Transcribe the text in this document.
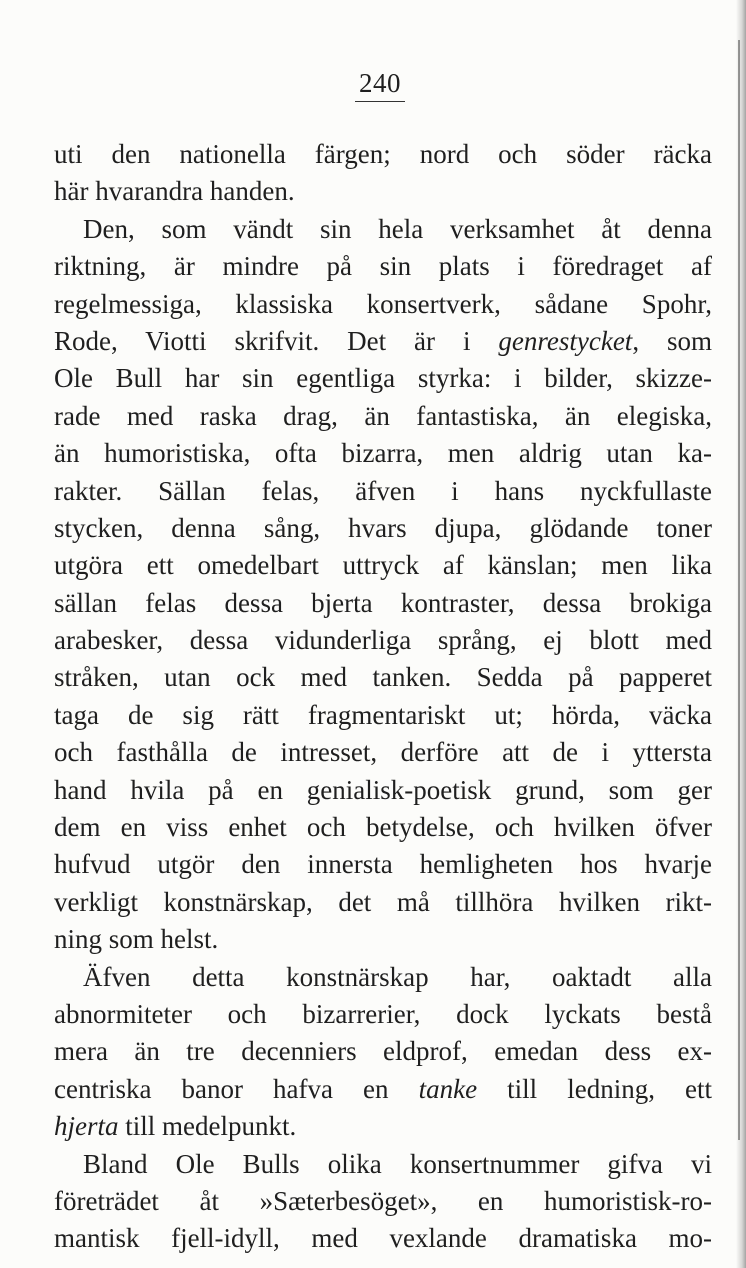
240
uti den nationella färgen; nord och söder räcka
här hvarandra handen.
Den, som vändt sin hela verksamhet åt denna
riktning, är mindre på sin plats i föredraget af
regelmessiga, klassiska konsertverk, sådane Spohr,
Rode, Viotti skrifvit. Det är i genrestycket, som
Ole Bull har sin egentliga styrka: i bilder, skizze-
rade med raska drag, än fantastiska, än elegiska,
än humoristiska, ofta bizarra, men aldrig utan ka-
rakter. Sällan felas, äfven i hans nyckfullaste
stycken, denna sång, hvars djupa, glödande toner
utgöra ett omedelbart uttryck af känslan; men lika
sällan felas dessa bjerta kontraster, dessa brokiga
arabesker, dessa vidunderliga språng, ej blott med
stråken, utan ock med tanken. Sedda på papperet
taga de sig rätt fragmentariskt ut; hörda, väcka
och fasthålla de intresset, derföre att de i yttersta
hand hvila på en genialisk-poetisk grund, som ger
dem en viss enhet och betydelse, och hvilken öfver
hufvud utgör den innersta hemligheten hos hvarje
verkligt konstnärskap, det må tillhöra hvilken rikt-
ning som helst.
Äfven detta konstnärskap har, oaktadt alla
abnormiteter och bizarrerier, dock lyckats bestå
mera än tre decenniers eldprof, emedan dess ex-
centriska banor hafva en tanke till ledning, ett
hjerta till medelpunkt.
Bland Ole Bulls olika konsertnummer gifva vi
företrädet åt »Sæterbesöget», en humoristisk-ro-
mantisk fjell-idyll, med vexlande dramatiska mo-
